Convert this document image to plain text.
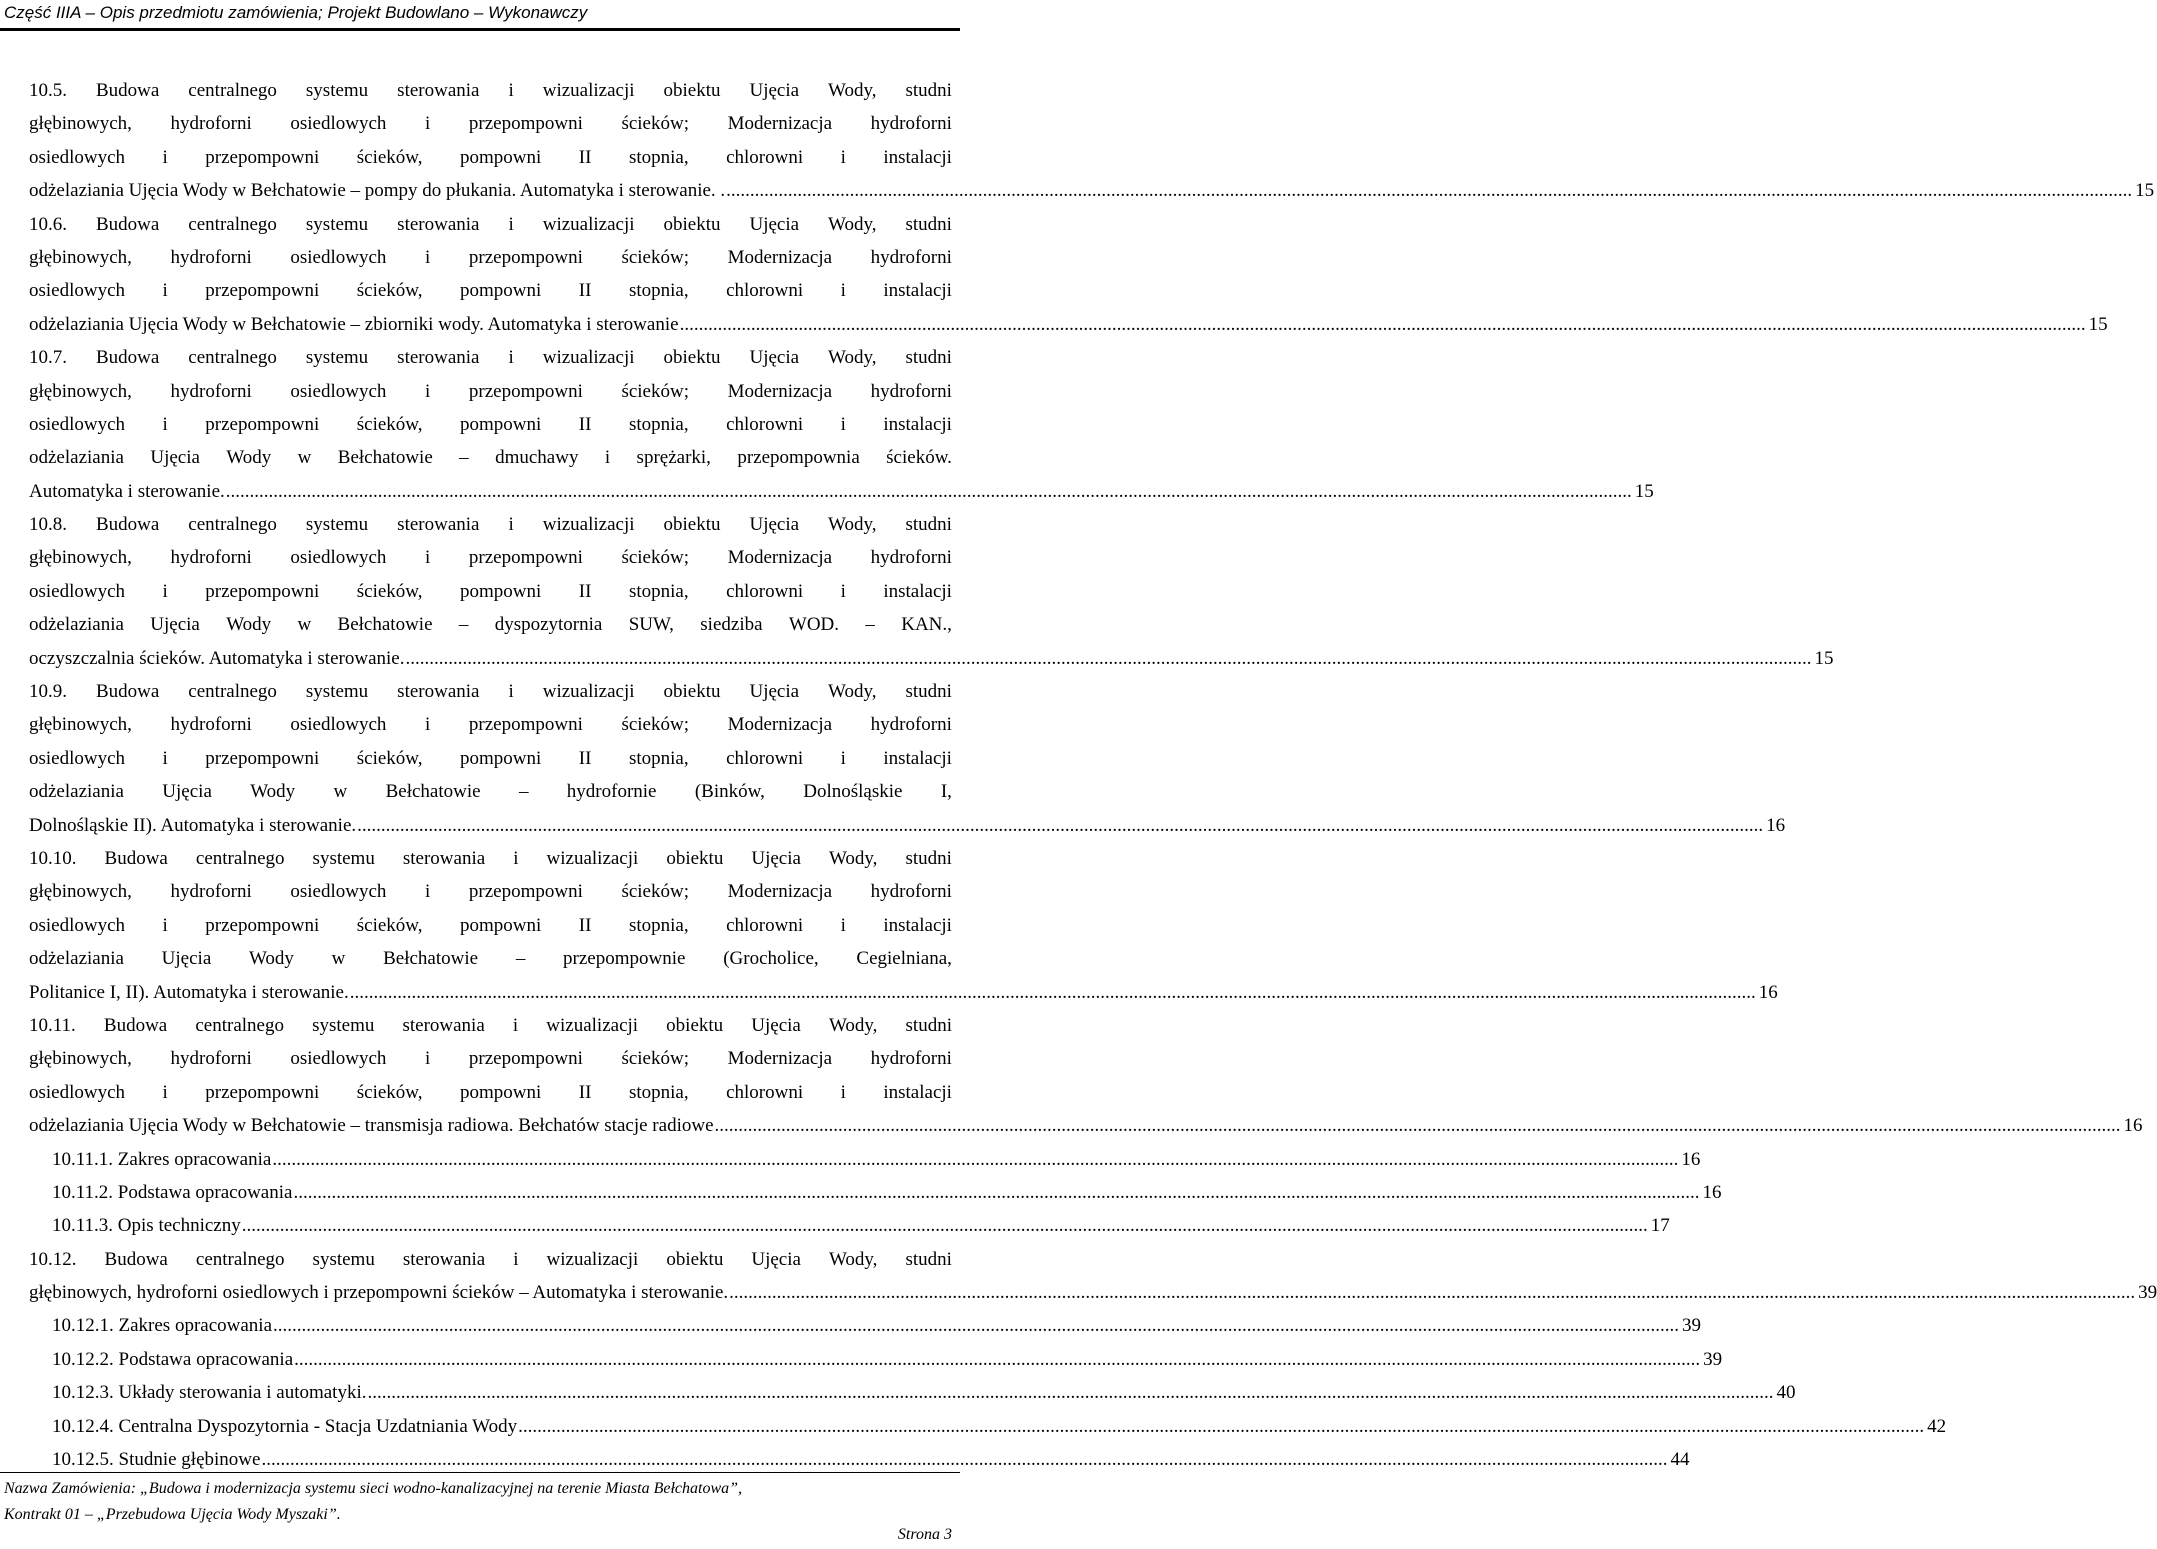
Część IIIA – Opis przedmiotu zamówienia; Projekt Budowlano – Wykonawczy
10.5. Budowa centralnego systemu sterowania i wizualizacji obiektu Ujęcia Wody, studni
głębinowych, hydroforni osiedlowych i przepompowni ścieków; Modernizacja hydroforni
osiedlowych i przepompowni ścieków, pompowni II stopnia, chlorowni i instalacji
odżelaziania Ujęcia Wody w Bełchatowie – pompy do płukania. Automatyka i sterowanie. . .....	15
10.6. Budowa centralnego systemu sterowania i wizualizacji obiektu Ujęcia Wody, studni
głębinowych, hydroforni osiedlowych i przepompowni ścieków; Modernizacja hydroforni
osiedlowych i przepompowni ścieków, pompowni II stopnia, chlorowni i instalacji
odżelaziania Ujęcia Wody w Bełchatowie – zbiorniki wody. Automatyka i sterowanie .....	15
10.7. Budowa centralnego systemu sterowania i wizualizacji obiektu Ujęcia Wody, studni
głębinowych, hydroforni osiedlowych i przepompowni ścieków; Modernizacja hydroforni
osiedlowych i przepompowni ścieków, pompowni II stopnia, chlorowni i instalacji
odżelaziania Ujęcia Wody w Bełchatowie – dmuchawy i sprężarki, przepompownia ścieków.
Automatyka i sterowanie. .....	15
10.8. Budowa centralnego systemu sterowania i wizualizacji obiektu Ujęcia Wody, studni
głębinowych, hydroforni osiedlowych i przepompowni ścieków; Modernizacja hydroforni
osiedlowych i przepompowni ścieków, pompowni II stopnia, chlorowni i instalacji
odżelaziania Ujęcia Wody w Bełchatowie – dyspozytornia SUW, siedziba WOD. – KAN.,
oczyszczalnia ścieków. Automatyka i sterowanie. .....	15
10.9. Budowa centralnego systemu sterowania i wizualizacji obiektu Ujęcia Wody, studni
głębinowych, hydroforni osiedlowych i przepompowni ścieków; Modernizacja hydroforni
osiedlowych i przepompowni ścieków, pompowni II stopnia, chlorowni i instalacji
odżelaziania Ujęcia Wody w Bełchatowie – hydrofornie (Binków, Dolnośląskie I,
Dolnośląskie II). Automatyka i sterowanie. .....	16
10.10. Budowa centralnego systemu sterowania i wizualizacji obiektu Ujęcia Wody, studni
głębinowych, hydroforni osiedlowych i przepompowni ścieków; Modernizacja hydroforni
osiedlowych i przepompowni ścieków, pompowni II stopnia, chlorowni i instalacji
odżelaziania Ujęcia Wody w Bełchatowie – przepompownie (Grocholice, Cegielniana,
Politanice I, II). Automatyka i sterowanie. .....	16
10.11. Budowa centralnego systemu sterowania i wizualizacji obiektu Ujęcia Wody, studni
głębinowych, hydroforni osiedlowych i przepompowni ścieków; Modernizacja hydroforni
osiedlowych i przepompowni ścieków, pompowni II stopnia, chlorowni i instalacji
odżelaziania Ujęcia Wody w Bełchatowie – transmisja radiowa. Bełchatów stacje radiowe .....	16
10.11.1. Zakres opracowania .....	16
10.11.2. Podstawa opracowania .....	16
10.11.3. Opis techniczny .....	17
10.12. Budowa centralnego systemu sterowania i wizualizacji obiektu Ujęcia Wody, studni
głębinowych, hydroforni osiedlowych i przepompowni ścieków – Automatyka i sterowanie. .....	39
10.12.1. Zakres opracowania .....	39
10.12.2. Podstawa opracowania .....	39
10.12.3. Układy sterowania i automatyki. .....	40
10.12.4. Centralna Dyspozytornia - Stacja Uzdatniania Wody .....	42
10.12.5. Studnie głębinowe .....	44
Nazwa Zamówienia: „Budowa i modernizacja systemu sieci wodno-kanalizacyjnej na terenie Miasta Bełchatowa”,
Kontrakt 01 – „Przebudowa Ujęcia Wody Myszaki”.
Strona 3
